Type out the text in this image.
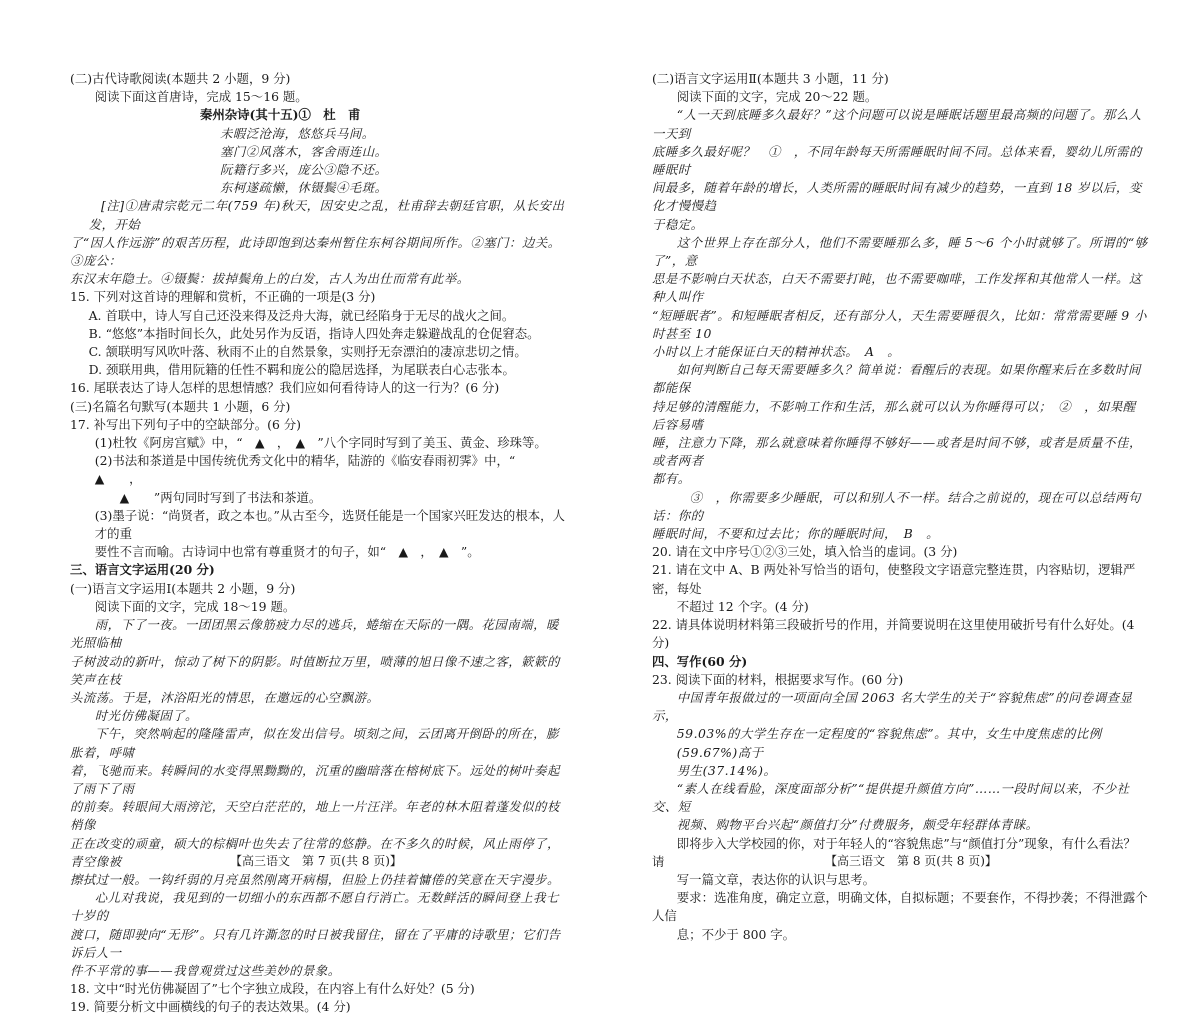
(二)古代诗歌阅读(本题共 2 小题，9 分)

阅读下面这首唐诗，完成 15～16 题。

秦州杂诗(其十五)①　杜　甫

未暇泛沧海，悠悠兵马间。

塞门②风落木，客舍雨连山。

阮籍行多兴，庞公③隐不还。

东柯遂疏懒，休镊鬓④毛斑。

[注]①唐肃宗乾元二年(759 年)秋天，因安史之乱，杜甫辞去朝廷官职，从长安出发，开始

了“因人作远游”的艰苦历程，此诗即饱到达秦州暂住东柯谷期间所作。②塞门：边关。③庞公：

东汉末年隐士。④镊鬓：拔掉鬓角上的白发，古人为出仕而常有此举。

15. 下列对这首诗的理解和赏析，不正确的一项是(3 分)

A. 首联中，诗人写自己还没来得及泛舟大海，就已经陷身于无尽的战火之间。

B. “悠悠”本指时间长久，此处另作为反语，指诗人四处奔走躲避战乱的仓促窘态。

C. 颔联明写风吹叶落、秋雨不止的自然景象，实则抒无奈漂泊的凄凉悲切之情。

D. 颈联用典，借用阮籍的任性不羁和庞公的隐居选择，为尾联表白心志张本。

16. 尾联表达了诗人怎样的思想情感？我们应如何看待诗人的这一行为？(6 分)

(三)名篇名句默写(本题共 1 小题，6 分)

17. 补写出下列句子中的空缺部分。(6 分)

(1)杜牧《阿房宫赋》中，“　▲　，　▲　”八个字同时写到了美玉、黄金、珍珠等。

(2)书法和茶道是中国传统优秀文化中的精华，陆游的《临安春雨初霁》中，“　　▲　　，

　　▲　　”两句同时写到了书法和茶道。

(3)墨子说：“尚贤者，政之本也。”从古至今，选贤任能是一个国家兴旺发达的根本，人才的重

要性不言而喻。古诗词中也常有尊重贤才的句子，如“　▲　，　▲　”。

三、语言文字运用(20 分)

(一)语言文字运用Ⅰ(本题共 2 小题，9 分)

阅读下面的文字，完成 18～19 题。

雨，下了一夜。一团团黑云像筋疲力尽的逃兵，蜷缩在天际的一隅。花园南端，暖光照临柚

子树波动的新叶，惊动了树下的阴影。时值断拉万里，喷薄的旭日像不速之客，簌簌的笑声在枝

头流荡。于是，沐浴阳光的情思，在邀远的心空飘游。

时光仿佛凝固了。

下午，突然响起的隆隆雷声，似在发出信号。顷刻之间，云团离开倒卧的所在，膨胀着，呼啸

着，飞驰而来。转瞬间的水变得黑黝黝的，沉重的幽暗落在榕树底下。远处的树叶奏起了雨下了雨

的前奏。转眼间大雨滂沱，天空白茫茫的，地上一片汪洋。年老的林木阻着蓬发似的枝梢像

正在改变的顽童，硕大的棕榈叶也失去了往常的悠静。在不多久的时候，风止雨停了，青空像被

擦拭过一般。一钩纤弱的月亮虽然刚离开病榻，但脸上仍挂着慵倦的笑意在天宇漫步。

心儿对我说，我见到的一切细小的东西都不愿自行消亡。无数鲜活的瞬间登上我七十岁的

渡口，随即驶向“无形”。只有几许澌忽的时日被我留住，留在了平庸的诗歌里；它们告诉后人一

件不平常的事——我曾观赏过这些美妙的景象。

18. 文中“时光仿佛凝固了”七个字独立成段，在内容上有什么好处？(5 分)

19. 简要分析文中画横线的句子的表达效果。(4 分)

【高三语文　第 7 页(共 8 页)】

(二)语言文字运用Ⅱ(本题共 3 小题，11 分)

阅读下面的文字，完成 20～22 题。

“人一天到底睡多久最好？”这个问题可以说是睡眠话题里最高频的问题了。那么人一天到

底睡多久最好呢？　①　，不同年龄每天所需睡眠时间不同。总体来看，婴幼儿所需的睡眠时

间最多，随着年龄的增长，人类所需的睡眠时间有减少的趋势，一直到 18 岁以后，变化才慢慢趋

于稳定。

这个世界上存在部分人，他们不需要睡那么多，睡 5～6 个小时就够了。所谓的“够了”，意

思是不影响白天状态，白天不需要打盹，也不需要咖啡，工作发挥和其他常人一样。这种人叫作

“短睡眠者”。和短睡眠者相反，还有部分人，天生需要睡很久，比如：常常需要睡 9 小时甚至 10

小时以上才能保证白天的精神状态。　A　。

如何判断自己每天需要睡多久？简单说：看醒后的表现。如果你醒来后在多数时间都能保

持足够的清醒能力，不影响工作和生活，那么就可以认为你睡得可以；　②　，如果醒后容易嗜

睡，注意力下降，那么就意味着你睡得不够好——或者是时间不够，或者是质量不佳，或者两者

都有。

　③　，你需要多少睡眠，可以和别人不一样。结合之前说的，现在可以总结两句话：你的

睡眠时间，不要和过去比；你的睡眠时间，　B　。

20. 请在文中序号①②③三处，填入恰当的虚词。(3 分)

21. 请在文中 A、B 两处补写恰当的语句，使整段文字语意完整连贯，内容贴切，逻辑严密，每处

不超过 12 个字。(4 分)

22. 请具体说明材料第三段破折号的作用，并简要说明在这里使用破折号有什么好处。(4 分)

四、写作(60 分)

23. 阅读下面的材料，根据要求写作。(60 分)

中国青年报做过的一项面向全国 2063 名大学生的关于“容貌焦虑”的问卷调查显示，

59.03%的大学生存在一定程度的“容貌焦虑”。其中，女生中度焦虑的比例(59.67%)高于

男生(37.14%)。

“素人在线看脸，深度面部分析”“提供提升颜值方向”……一段时间以来，不少社交、短

视频、购物平台兴起“颜值打分”付费服务，颇受年轻群体青睐。

即将步入大学校园的你，对于年轻人的“容貌焦虑”与“颜值打分”现象，有什么看法？请

写一篇文章，表达你的认识与思考。

要求：选准角度，确定立意，明确文体，自拟标题；不要套作，不得抄袭；不得泄露个人信

息；不少于 800 字。

【高三语文　第 8 页(共 8 页)】
